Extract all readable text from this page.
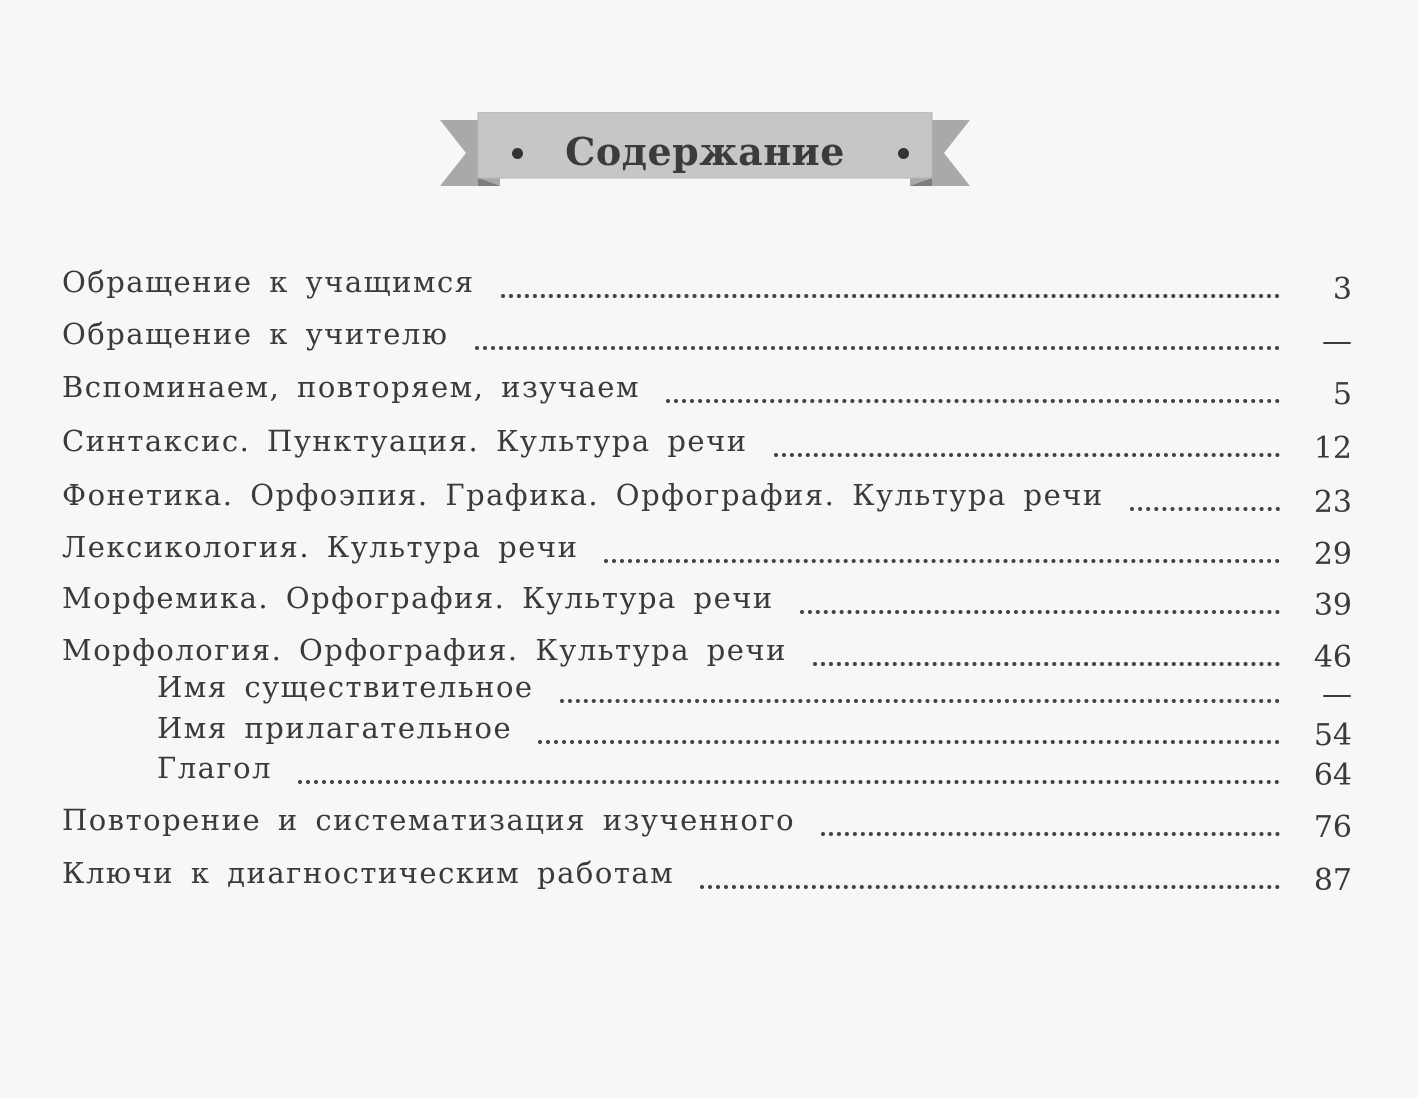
Содержание
Обращение к учащимся	3
Обращение к учителю	—
Вспоминаем, повторяем, изучаем	5
Синтаксис. Пунктуация. Культура речи	12
Фонетика. Орфоэпия. Графика. Орфография. Культура речи	23
Лексикология. Культура речи	29
Морфемика. Орфография. Культура речи	39
Морфология. Орфография. Культура речи	46
Имя существительное	—
Имя прилагательное	54
Глагол	64
Повторение и систематизация изученного	76
Ключи к диагностическим работам	87
